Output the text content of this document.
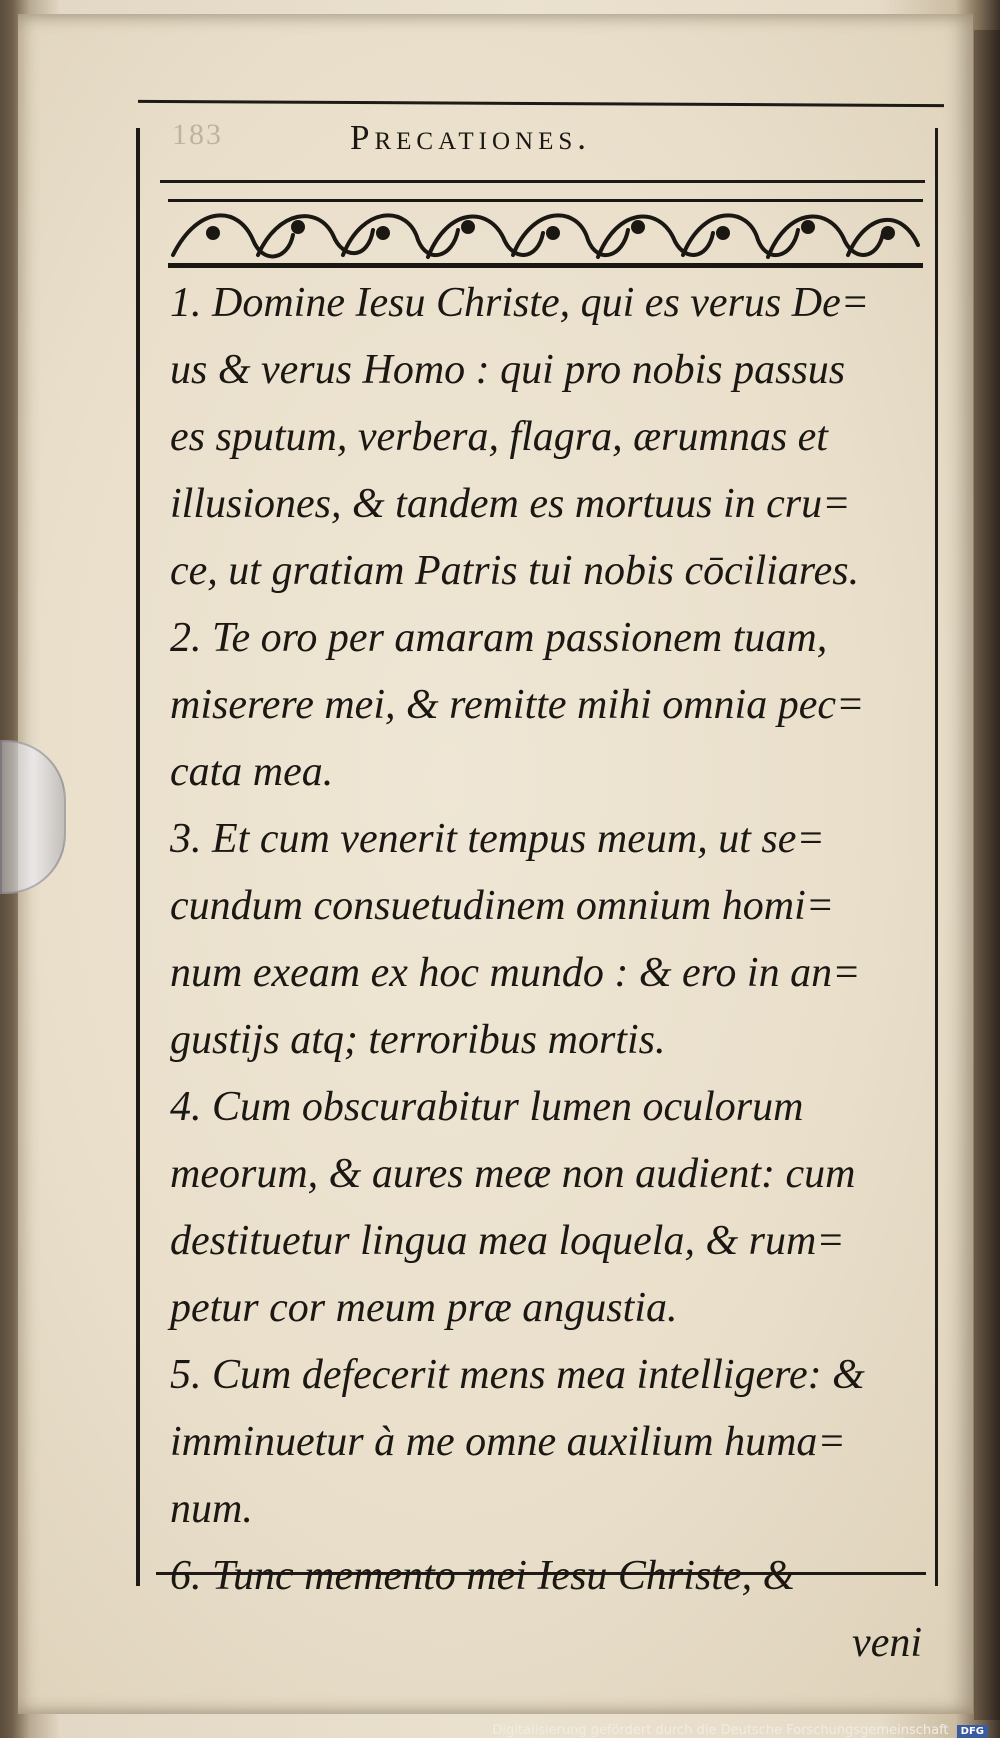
183	Precationes.
1. Domine Iesu Christe, qui es verus De=
us & verus Homo : qui pro nobis passus
es sputum, verbera, flagra, ærumnas et
illusiones, & tandem es mortuus in cru=
ce, ut gratiam Patris tui nobis cōciliares.
2. Te oro per amaram passionem tuam,
miserere mei, & remitte mihi omnia pec=
cata mea.
3. Et cum venerit tempus meum, ut se=
cundum consuetudinem omnium homi=
num exeam ex hoc mundo : & ero in an=
gustijs atq; terroribus mortis.
4. Cum obscurabitur lumen oculorum
meorum, & aures meæ non audient: cum
destituetur lingua mea loquela, & rum=
petur cor meum præ angustia.
5. Cum defecerit mens mea intelligere: &
imminuetur à me omne auxilium huma=
num.
6. Tunc memento mei Iesu Christe, &
veni
Digitalisierung gefördert durch die Deutsche Forschungsgemeinschaft DFG
